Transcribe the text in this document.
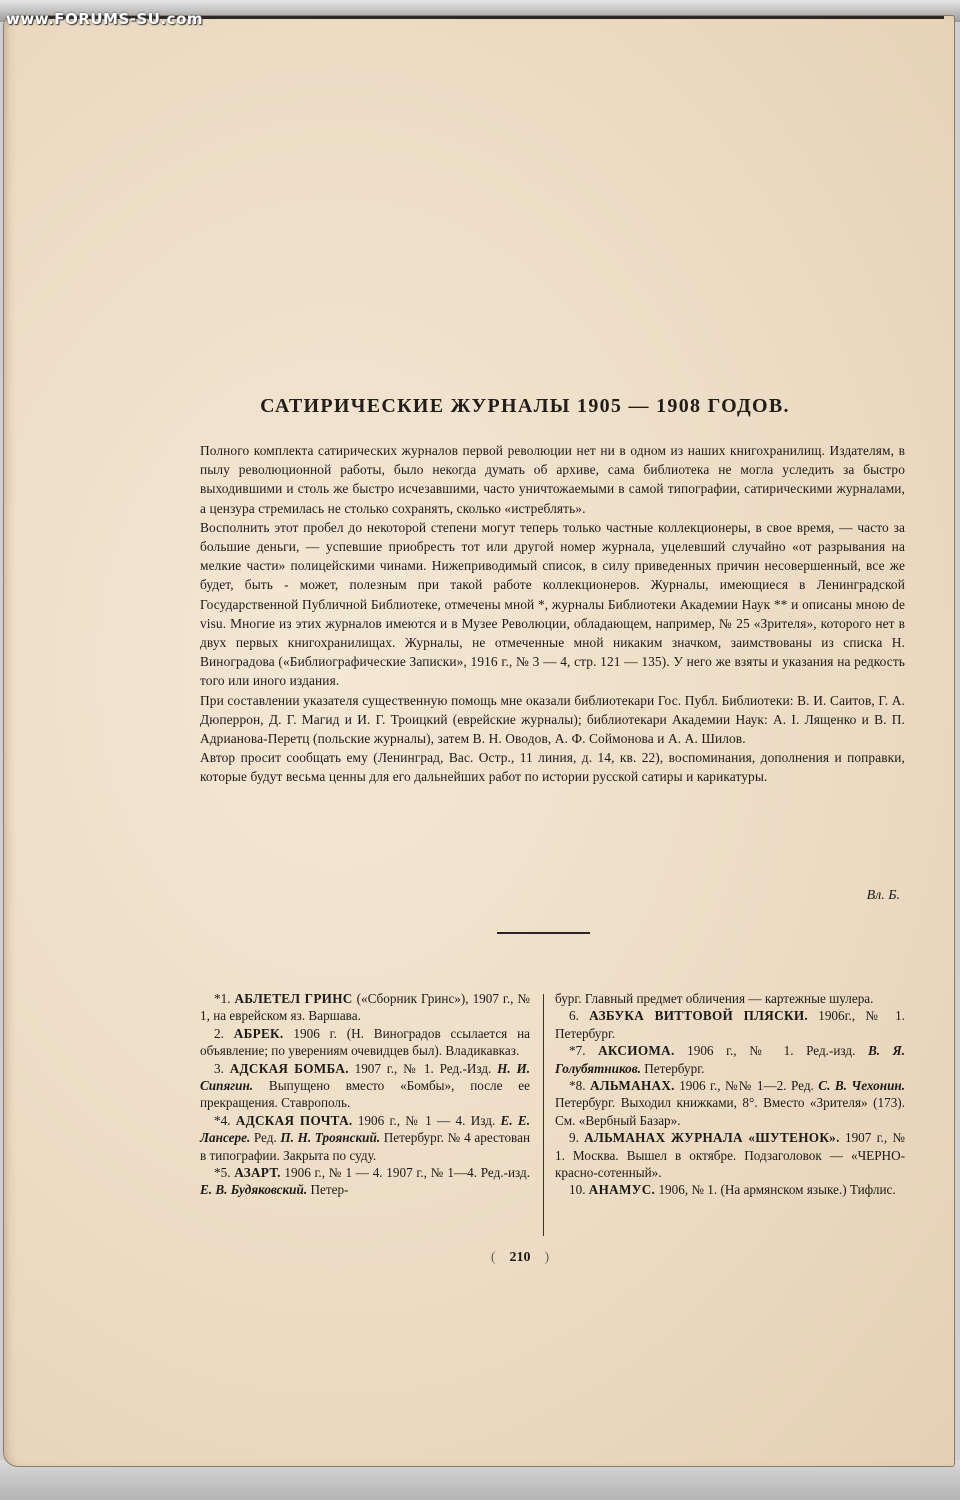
www.FORUMS-SU.com
САТИРИЧЕСКИЕ ЖУРНАЛЫ 1905 — 1908 ГОДОВ.

Полного комплекта сатирических журналов первой революции нет ни в одном из наших книгохранилищ. Издателям, в пылу революционной работы, было некогда думать об архиве, сама библиотека не могла уследить за быстро выходившими и столь же быстро исчезавшими, часто уничтожаемыми в самой типографии, сатирическими журналами, а цензура стремилась не столько сохранять, сколько «истреблять».

Восполнить этот пробел до некоторой степени могут теперь только частные коллекционеры, в свое время, — часто за большие деньги, — успевшие приобресть тот или другой номер журнала, уцелевший случайно «от разрывания на мелкие части» полицейскими чинами. Нижеприводимый список, в силу приведенных причин несовершенный, все же будет, быть - может, полезным при такой работе коллекционеров. Журналы, имеющиеся в Ленинградской Государственной Публичной Библиотеке, отмечены мной *, журналы Библиотеки Академии Наук ** и описаны мною de visu. Многие из этих журналов имеются и в Музее Революции, обладающем, например, № 25 «Зрителя», которого нет в двух первых книгохранилищах. Журналы, не отмеченные мной никаким значком, заимствованы из списка Н. Виноградова («Библиографические Записки», 1916 г., № 3 — 4, стр. 121 — 135). У него же взяты и указания на редкость того или иного издания.

При составлении указателя существенную помощь мне оказали библиотекари Гос. Публ. Библиотеки: В. И. Саитов, Г. А. Дюперрон, Д. Г. Магид и И. Г. Троицкий (еврейские журналы); библиотекари Академии Наук: А. I. Лященко и В. П. Адрианова-Перетц (польские журналы), затем В. Н. Оводов, А. Ф. Соймонова и А. А. Шилов.

Автор просит сообщать ему (Ленинград, Вас. Остр., 11 линия, д. 14, кв. 22), воспоминания, дополнения и поправки, которые будут весьма ценны для его дальнейших работ по истории русской сатиры и карикатуры.

Вл. Б.

*1. АБЛЕТЕЛ ГРИНС («Сборник Гринс»), 1907 г., № 1, на еврейском яз. Варшава.

2. АБРЕК. 1906 г. (Н. Виноградов ссылается на объявление; по уверениям очевидцев был). Владикавказ.

3. АДСКАЯ БОМБА. 1907 г., № 1. Ред.-Изд. Н. И. Сипягин. Выпущено вместо «Бомбы», после ее прекращения. Ставрополь.

*4. АДСКАЯ ПОЧТА. 1906 г., № 1 — 4. Изд. Е. Е. Лансере. Ред. П. Н. Троянский. Петербург. № 4 арестован в типографии. Закрыта по суду.

*5. АЗАРТ. 1906 г., № 1 — 4. 1907 г., № 1—4. Ред.-изд. Е. В. Будяковский. Петер-

бург. Главный предмет обличения — картежные шулера.

6. АЗБУКА ВИТТОВОЙ ПЛЯСКИ. 1906г., № 1. Петербург.

*7. АКСИОМА. 1906 г., № 1. Ред.-изд. В. Я. Голубятников. Петербург.

*8. АЛЬМАНАХ. 1906 г., №№ 1—2. Ред. С. В. Чехонин. Петербург. Выходил книжками, 8°. Вместо «Зрителя» (173). См. «Вербный Базар».

9. АЛЬМАНАХ ЖУРНАЛА «ШУТЕНОК». 1907 г., № 1. Москва. Вышел в октябре. Подзаголовок — «ЧЕРНО-красно-сотенный».

10. АНАМУС. 1906, № 1. (На армянском языке.) Тифлис.

( 210 )
